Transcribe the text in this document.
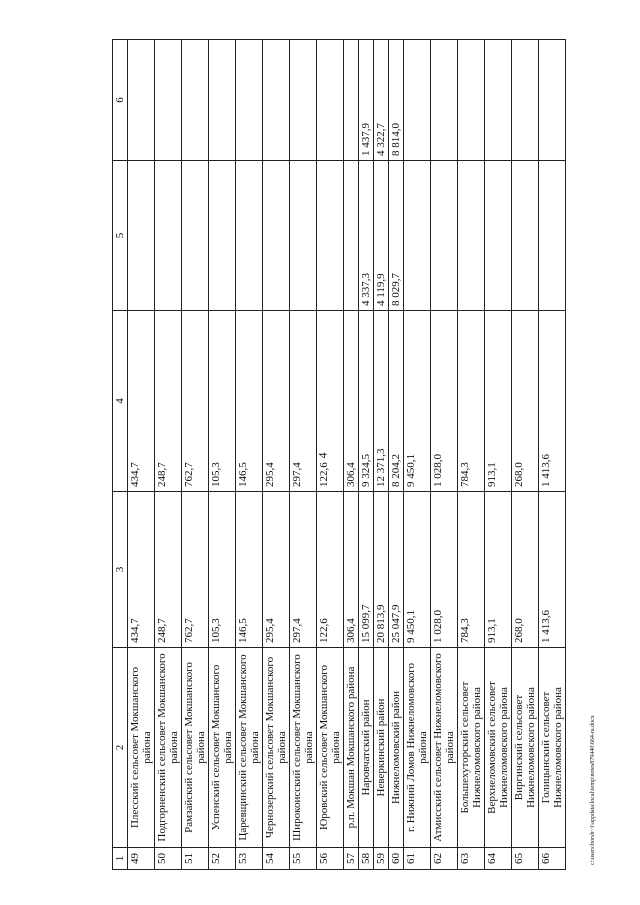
4
1	2	3	4	5	6
49	Плесский сельсовет Мокшанского района	434,7	434,7		
50	Подгорненский сельсовет Мокшанского района	248,7	248,7		
51	Рамзайский сельсовет Мокшанского района	762,7	762,7		
52	Успенский сельсовет Мокшанского района	105,3	105,3		
53	Царевщинский сельсовет Мокшанского района	146,5	146,5		
54	Чернозерский сельсовет Мокшанского района	295,4	295,4		
55	Широкоисский сельсовет Мокшанского района	297,4	297,4		
56	Юровский сельсовет Мокшанского района	122,6	122,6		
57	р.п. Мокшан Мокшанского района	306,4	306,4		
58	Наровчатский район	15 099,7	9 324,5	4 337,3	1 437,9
59	Неверкинский район	20 813,9	12 371,3	4 119,9	4 322,7
60	Нижнеломовский район	25 047,9	8 204,2	8 029,7	8 814,0
61	г. Нижний Ломов Нижнеломовского района	9 450,1	9 450,1		
62	Атмисский сельсовет Нижнеломовского района	1 028,0	1 028,0		
63	Большехуторский сельсовет Нижнеломовского района	784,3	784,3		
64	Верхнеломовский сельсовет Нижнеломовского района	913,1	913,1		
65	Виргинский сельсовет Нижнеломовского района	268,0	268,0		
66	Голицынский сельсовет Нижнеломовского района	1 413,6	1 413,6		
c:\users\borsh~1\appdata\local\temp\notes879440\664-ra.docx
